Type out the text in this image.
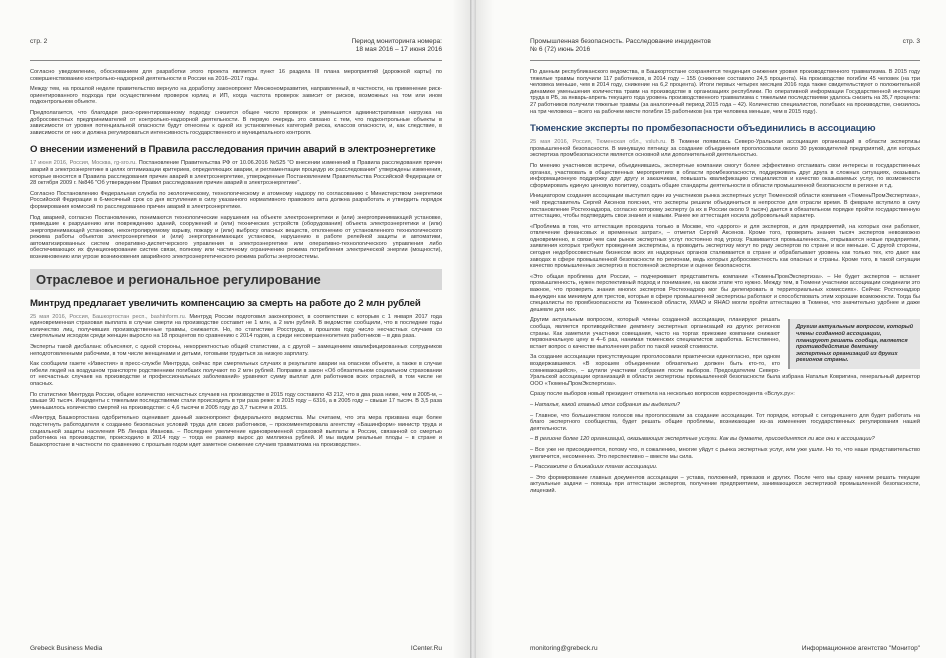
стр. 2	Период мониторинга номера:
18 мая 2016 – 17 июня 2016

Согласно уведомлению, обоснованием для разработки этого проекта является пункт 16 раздела III плана мероприятий (дорожной карты) по совершенствованию контрольно-надзорной деятельности в России на 2016–2017 годы.

Между тем, на прошлой неделе правительство вернуло на доработку законопроект Минэкономразвития, направленный, в частности, на применение риск-ориентированного подхода при осуществлении проверок юрлиц и ИП, когда частота проверок зависит от рисков, возможных на том или ином подконтрольном объекте.

Предполагается, что благодаря риск-ориентированному подходу снизится общее число проверок и уменьшится административная нагрузка на добросовестных предпринимателей от контрольно-надзорной деятельности. В первую очередь это связано с тем, что подконтрольные объекты в зависимости от уровня потенциальной опасности будут отнесены к одной из установленных категорий риска, классов опасности, и, как следствие, в зависимости от них и должна регулироваться интенсивность государственного и муниципального контроля.

О внесении изменений в Правила расследования причин аварий в электроэнергетике

17 июня 2016, Россия, Москва, rg-sro.ru. Постановление Правительства РФ от 10.06.2016 №525 "О внесении изменений в Правила расследования причин аварий в электроэнергетике в целях оптимизации критериев, определяющих аварии, и регламентации процедур их расследования" утверждены изменения, которые вносятся в Правила расследования причин аварий в электроэнергетике, утвержденные Постановлением Правительства Российской Федерации от 28 октября 2009 г. №846 "Об утверждении Правил расследования причин аварий в электроэнергетике".

Согласно Постановлению Федеральная служба по экологическому, технологическому и атомному надзору по согласованию с Министерством энергетики Российской Федерации в 6-месячный срок со дня вступления в силу указанного нормативного правового акта должна разработать и утвердить порядок формирования комиссий по расследованию причин аварий в электроэнергетике.

Под аварией, согласно Постановлению, понимаются технологические нарушения на объекте электроэнергетики и (или) энергопринимающей установке, приведшие к разрушению или повреждению зданий, сооружений и (или) технических устройств (оборудования) объекта электроэнергетики и (или) энергопринимающей установки, неконтролируемому взрыву, пожару и (или) выбросу опасных веществ, отклонению от установленного технологического режима работы объектов электроэнергетики и (или) энергопринимающих установок, нарушению в работе релейной защиты и автоматики, автоматизированных систем оперативно-диспетчерского управления в электроэнергетике или оперативно-технологического управления либо обеспечивающих их функционирование систем связи, полному или частичному ограничению режима потребления электрической энергии (мощности), возникновению или угрозе возникновения аварийного электроэнергетического режима работы энергосистемы.

Отраслевое и региональное регулирование
Минтруд предлагает увеличить компенсацию за смерть на работе до 2 млн рублей

25 мая 2016, Россия, Башкортостан респ., bashinform.ru. Минтруд России подготовил законопроект, в соответствии с которым с 1 января 2017 года единовременная страховая выплата в случае смерти на производстве составит не 1 млн, а 2 млн рублей. В ведомстве сообщили, что в последние годы количество лиц, получивших производственные травмы, снижается. Но, по статистике Росструда, в прошлом году число несчастных случаев со смертельным исходом среди женщин выросло на 18 процентов по сравнению с 2014 годом, а среди несовершеннолетних работников – в два раза.

Эксперты такой дисбаланс объясняют, с одной стороны, некорректностью общей статистики, а с другой – замещением квалифицированных сотрудников неподготовленными рабочими, в том числе женщинами и детьми, готовыми трудиться за низкую зарплату.

Как сообщили газете «Известия» в пресс-службе Минтруда, сейчас при смертельных случаях в результате аварии на опасном объекте, а также в случае гибели людей на воздушном транспорте родственники погибших получают по 2 млн рублей. Поправки в закон «Об обязательном социальном страховании от несчастных случаев на производстве и профессиональных заболеваний» уравняют сумму выплат для работников всех отраслей, в том числе не опасных.

По статистике Минтруда России, общее количество несчастных случаев на производстве в 2015 году составило 43 212, что в два раза ниже, чем в 2005-м, – свыше 90 тысяч. Инциденты с тяжелыми последствиями стали происходить в три раза реже: в 2015 году – 6316, а в 2005 году – свыше 17 тысяч. В 3,5 раза уменьшилось количество смертей на производстве: с 4,6 тысячи в 2005 году до 3,7 тысячи в 2015.

«Минтруд Башкортостана одобрительно оценивает данный законопроект федерального ведомства. Мы считаем, что эта мера призвана еще более подстегнуть работодателя к созданию безопасных условий труда для своих работников, – прокомментировала агентству «Башинформ» министр труда и социальной защиты населения РБ Ленара Иванова. – Последнее увеличение единовременной страховой выплаты в России, связанной со смертью работника на производстве, происходило в 2014 году – тогда ее размер вырос до миллиона рублей. И мы видим реальные плоды – в стране и Башкортостане в частности по сравнению с прошлым годом идет заметное снижение случаев травматизма на производстве».

Grebeck Business Media	ICenter.Ru
Промышленная безопасность. Расследование инцидентов
№ 6 (72) июнь 2016
стр. 3

По данным республиканского ведомства, в Башкортостане сохраняется тенденция снижения уровня производственного травматизма. В 2015 году тяжелые травмы получили 117 работников, в 2014 году – 155 (снижение составило 24,5 процента). На производстве погибли 45 человек (на три человека меньше, чем в 2014 году, снижение на 6,2 процента). Итоги первых четырех месяцев 2016 года также свидетельствуют о положительной динамике уменьшения количества травм на производстве в организациях республики. По оперативной информации Государственной инспекции труда в РБ, за январь-апрель текущего года уровень производственного травматизма с тяжелыми последствиями удалось снизить на 35,7 процента: 27 работников получили тяжелые травмы (за аналогичный период 2015 года – 42). Количество специалистов, погибших на производстве, снизилось на три человека – всего на рабочем месте погибли 15 работников (на три человека меньше, чем в 2015 году).

Тюменские эксперты по промбезопасности объединились в ассоциацию

25 мая 2016, Россия, Тюменская обл., vsluh.ru. В Тюмени появилась Северо-Уральская ассоциация организаций в области экспертизы промышленной безопасности. В минувшую пятницу за создание объединения проголосовали около 30 руководителей предприятий, для которых экспертиза промбезопасности является основной или дополнительной деятельностью.

По мнению участников встречи, объединившись, экспертные компании смогут более эффективно отстаивать свои интересы в государственных органах, участвовать в общественных мероприятиях в области промбезопасности, поддерживать друг друга в сложных ситуациях, оказывать информационную поддержку друг другу и заказчикам, повышать квалификацию специалистов и качество оказываемых услуг, по возможности сформировать единую ценовую политику, создать общие стандарты деятельности в области промышленной безопасности в регионе и т.д.

Инициатором создания ассоциации выступил один из участников рынка экспертных услуг Тюменской области компания «ТюменьПромЭкспертиза», чей представитель Сергей Аксенов пояснил, что эксперты решили объединиться в непростое для отрасли время. В феврале вступило в силу постановление Ростехнадзора, согласно которому эксперту (а их в России около 9 тысяч) дается в обязательном порядке пройти государственную аттестацию, чтобы подтвердить свои знания и навыки. Ранее же аттестация носила добровольный характер.

«Проблема в том, что аттестация проходила только в Москве, что «дорого» и для экспертов, и для предприятий, на которых они работают, отвлечение финансовых и временных затрат», – отметил Сергей Аксенов. Кроме того, проверить знания тысяч экспертов невозможно одновременно, в связи чем сам рынок экспертных услуг постоянно под угрозу. Развивается промышленность, открываются новые предприятия, заявления которых требуют проведения экспертизы, а проводить экспертизу могут по ряду экспертов по стране и все меньше. С другой стороны, сегодня недобросовестным бизнесом всех их надзорных органов сталкивается в стране и обрабатывает уровень как только тех, кто дают как заводах в сфере промышленной безопасности по регионам, ведь которых добросовестность как опасных и страны. Кроме того, в такой ситуации качество промышленных экспертиз в постоянной экспертизе и оценке безопасности.

«Это общая проблема для России, – подчеркивает представитель компании «ТюменьПромЭкспертиза». – Не будет экспертов – встанет промышленность, нужен перспективный подход и понимание, на каком этапе что нужно. Между тем, в Тюмени участники ассоциации соединили это важное, что проверить знания многих экспертов Ростехнадзор мог бы делегировать в территориальных комиссиях». Сейчас Ростехнадзор вынужден как минимум для трестов, которые в сфере промышленной экспертизы работают и способствовать этим хорошие возможности. Тогда бы специалисты по промбезопасности из Тюменской области, ХМАО и ЯНАО могли пройти аттестацию в Тюмени, что значительно удобнее и даже дешевле для них.

Другим актуальным вопросом, который члены созданной ассоциации, планируют решать сообща, является противодействие демпингу экспертных организаций из других регионов страны.

Другим актуальным вопросом, который члены созданной ассоциации, планируют решать сообща, является противодействие демпингу экспертных организаций из других регионов страны. Как заметили участники совещания, часто на торгах приезжие компании снижают первоначальную цену в 4–6 раз, нанимая тюменских специалистов заработка. Естественно, встает вопрос о качестве выполнения работ по такой низкой стоимости.

За создание ассоциации присутствующие проголосовали практически единогласно, при одном воздержавшемся. «В хорошем объединении обязательно должен быть кто-то, кто сомневающийся», – шутили участники собрания после выборов. Председателем Северо-Уральской ассоциации организаций в области экспертизы промышленной безопасности была избрана Наталья Ковригина, генеральный директор ООО «ТюменьПромЭкспертиза».

Сразу после выборов новый президент ответила на несколько вопросов корреспондента «Вслух.ру»:

– Наталья, какой главный итог собрания вы выделили?

– Главное, что большинством голосов мы проголосовали за создание ассоциации. Тот порядок, который с сегодняшнего для будет работать на благо экспертного сообщества, будет решать общие проблемы, возникающие из-за изменения государственных регулирования нашей деятельности.

– В регионе более 120 организаций, оказывающих экспертные услуги. Как вы думаете, присоединятся ли все они к ассоциации?

– Все уже не присоединятся, потому что, я сожалению, многие уйдут с рынка экспертных услуг, или уже ушли. Но то, что наше представительство увеличится, несомненно. Это перспективно – вместе мы сила.

– Расскажите о ближайших планах ассоциации.

– Это формирование главных документов ассоциации – устава, положений, приказов и других. После чего мы сразу начнем решать текущие актуальные задачи – помощь при аттестации экспертов, получение предприятием, занимающихся экспертизой промышленной безопасности, лицензий.

monitoring@grebeck.ru	Информационное агентство "Монитор"
